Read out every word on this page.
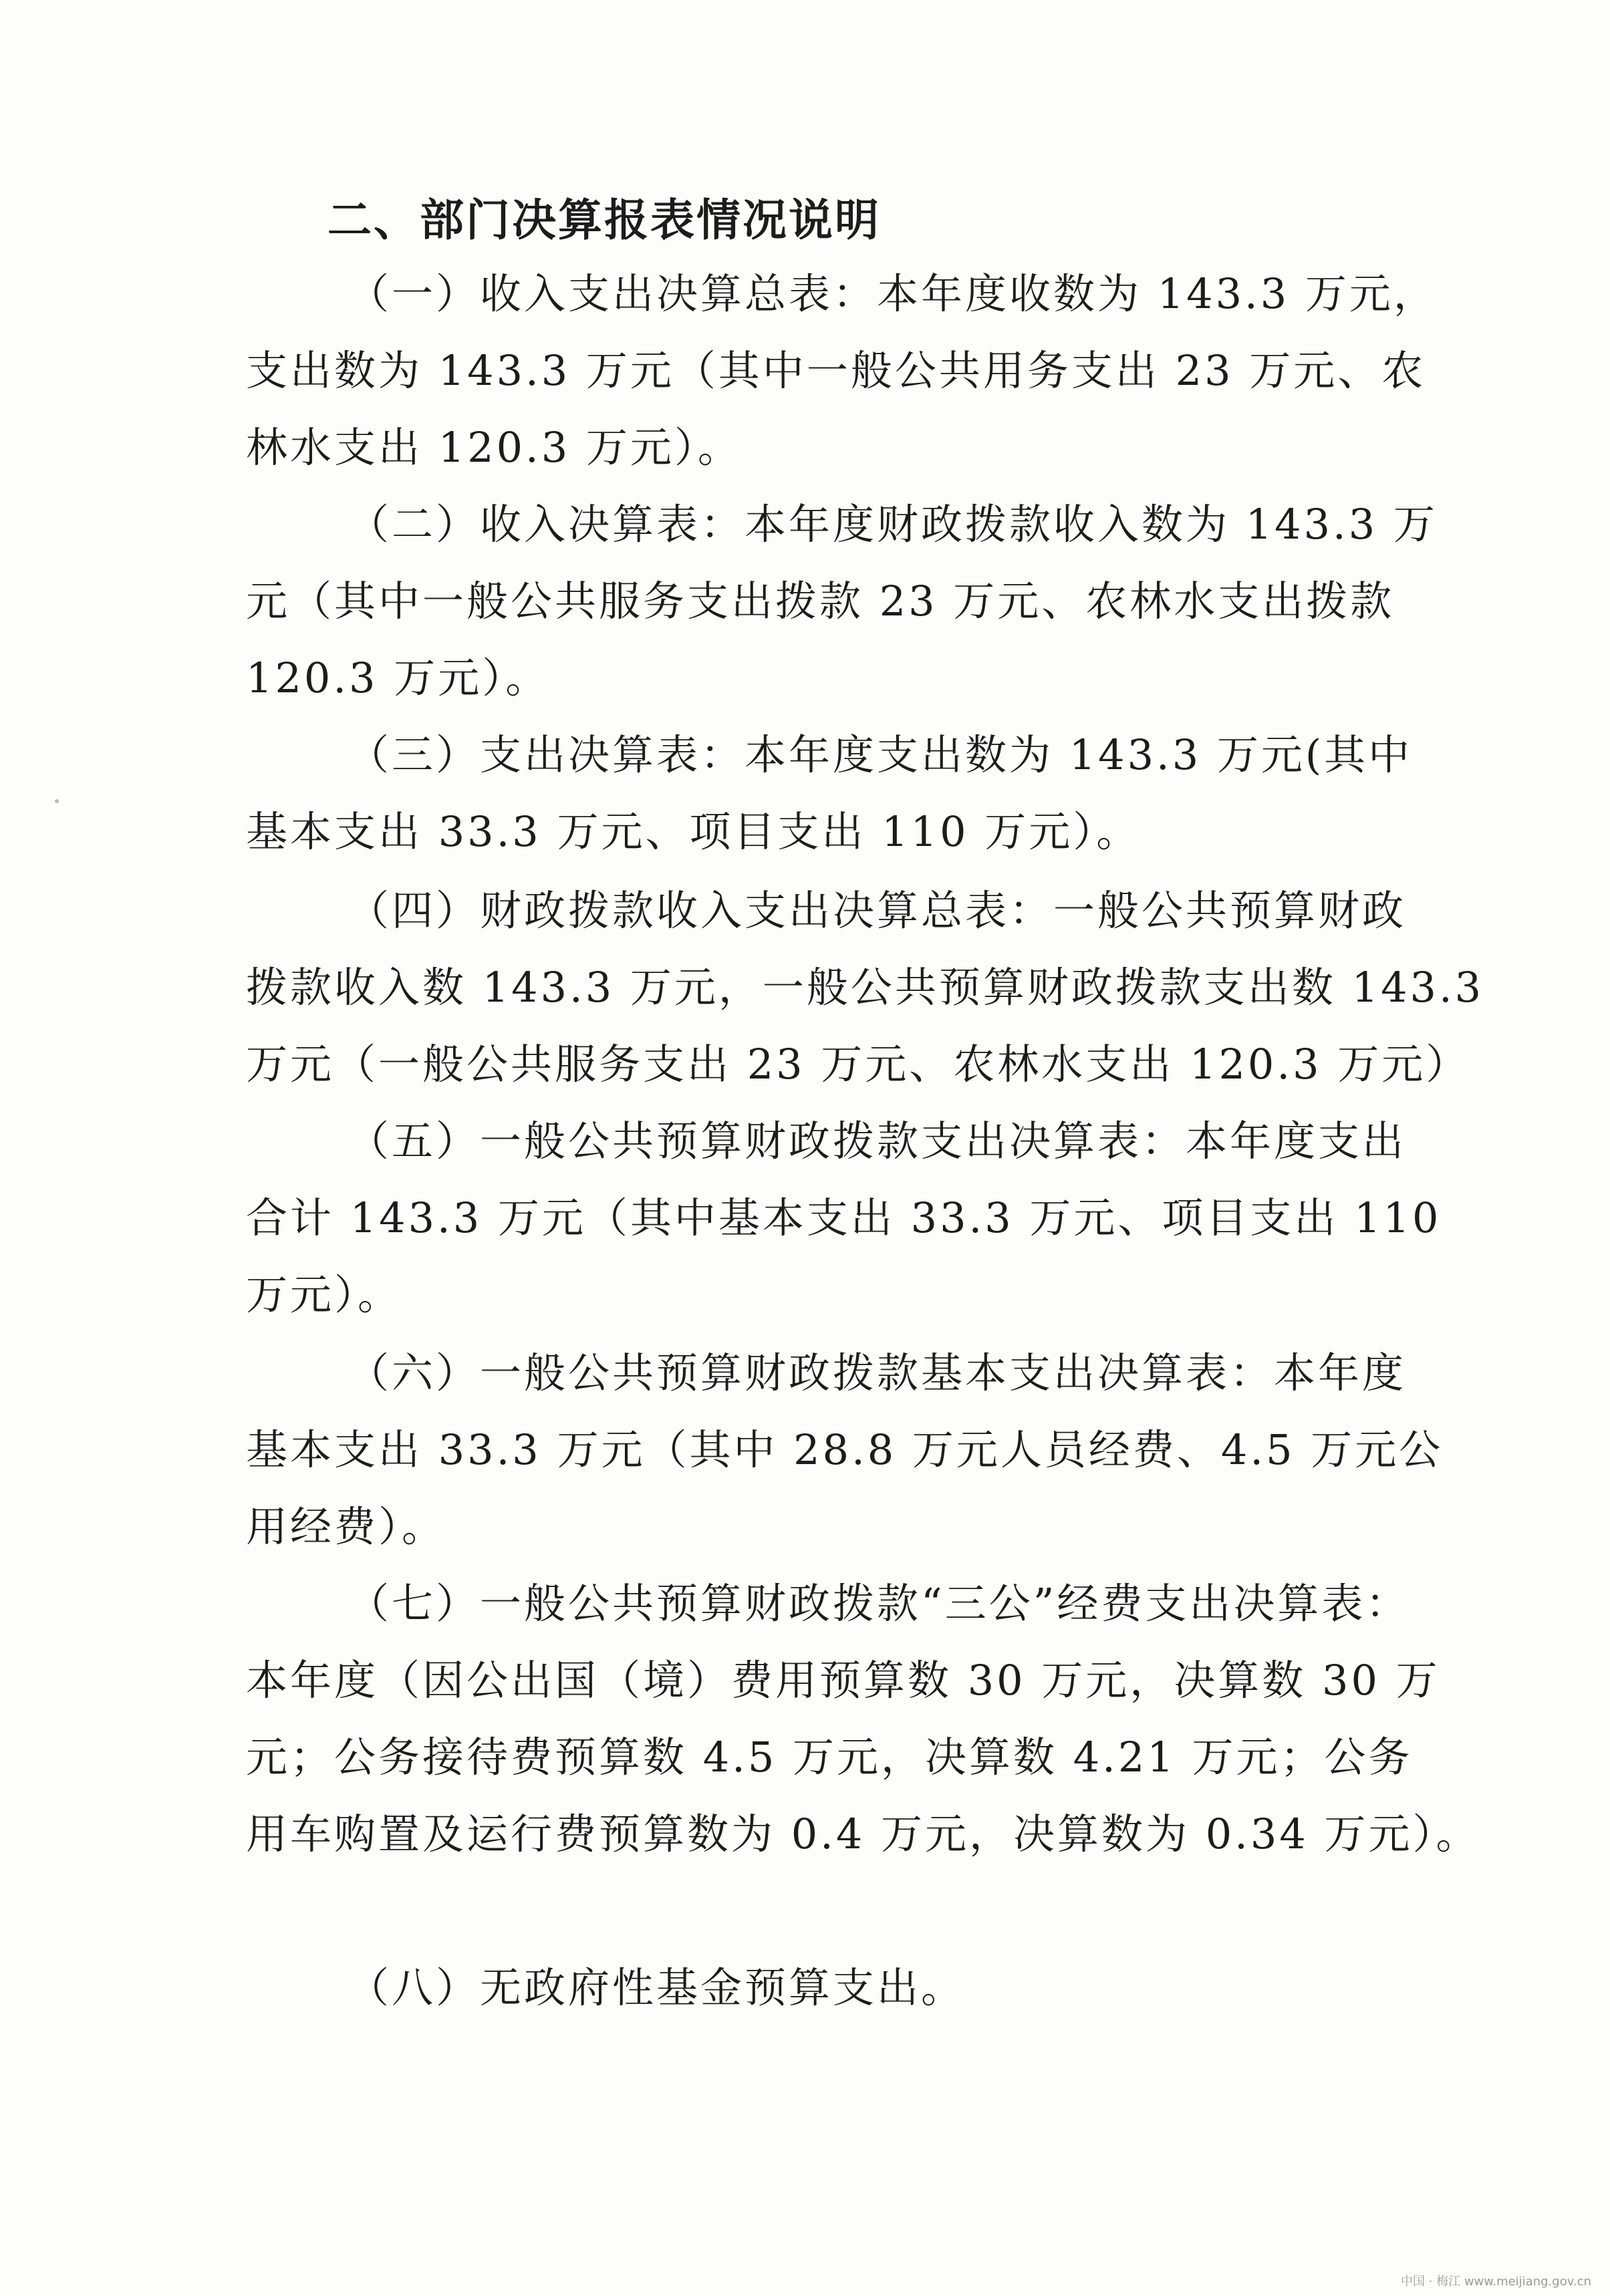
二、部门决算报表情况说明
（一）收入支出决算总表：本年度收数为 143.3 万元，
支出数为 143.3 万元（其中一般公共用务支出 23 万元、农
林水支出 120.3 万元）。
（二）收入决算表：本年度财政拨款收入数为 143.3 万
元（其中一般公共服务支出拨款 23 万元、农林水支出拨款
120.3 万元）。
（三）支出决算表：本年度支出数为 143.3 万元(其中
基本支出 33.3 万元、项目支出 110 万元）。
（四）财政拨款收入支出决算总表：一般公共预算财政
拨款收入数 143.3 万元，一般公共预算财政拨款支出数 143.3
万元（一般公共服务支出 23 万元、农林水支出 120.3 万元）
（五）一般公共预算财政拨款支出决算表：本年度支出
合计 143.3 万元（其中基本支出 33.3 万元、项目支出 110
万元）。
（六）一般公共预算财政拨款基本支出决算表：本年度
基本支出 33.3 万元（其中 28.8 万元人员经费、4.5 万元公
用经费）。
（七）一般公共预算财政拨款“三公”经费支出决算表：
本年度（因公出国（境）费用预算数 30 万元，决算数 30 万
元；公务接待费预算数 4.5 万元，决算数 4.21 万元；公务
用车购置及运行费预算数为 0.4 万元，决算数为 0.34 万元）。
（八）无政府性基金预算支出。
中国 · 梅江 www.meijiang.gov.cn
